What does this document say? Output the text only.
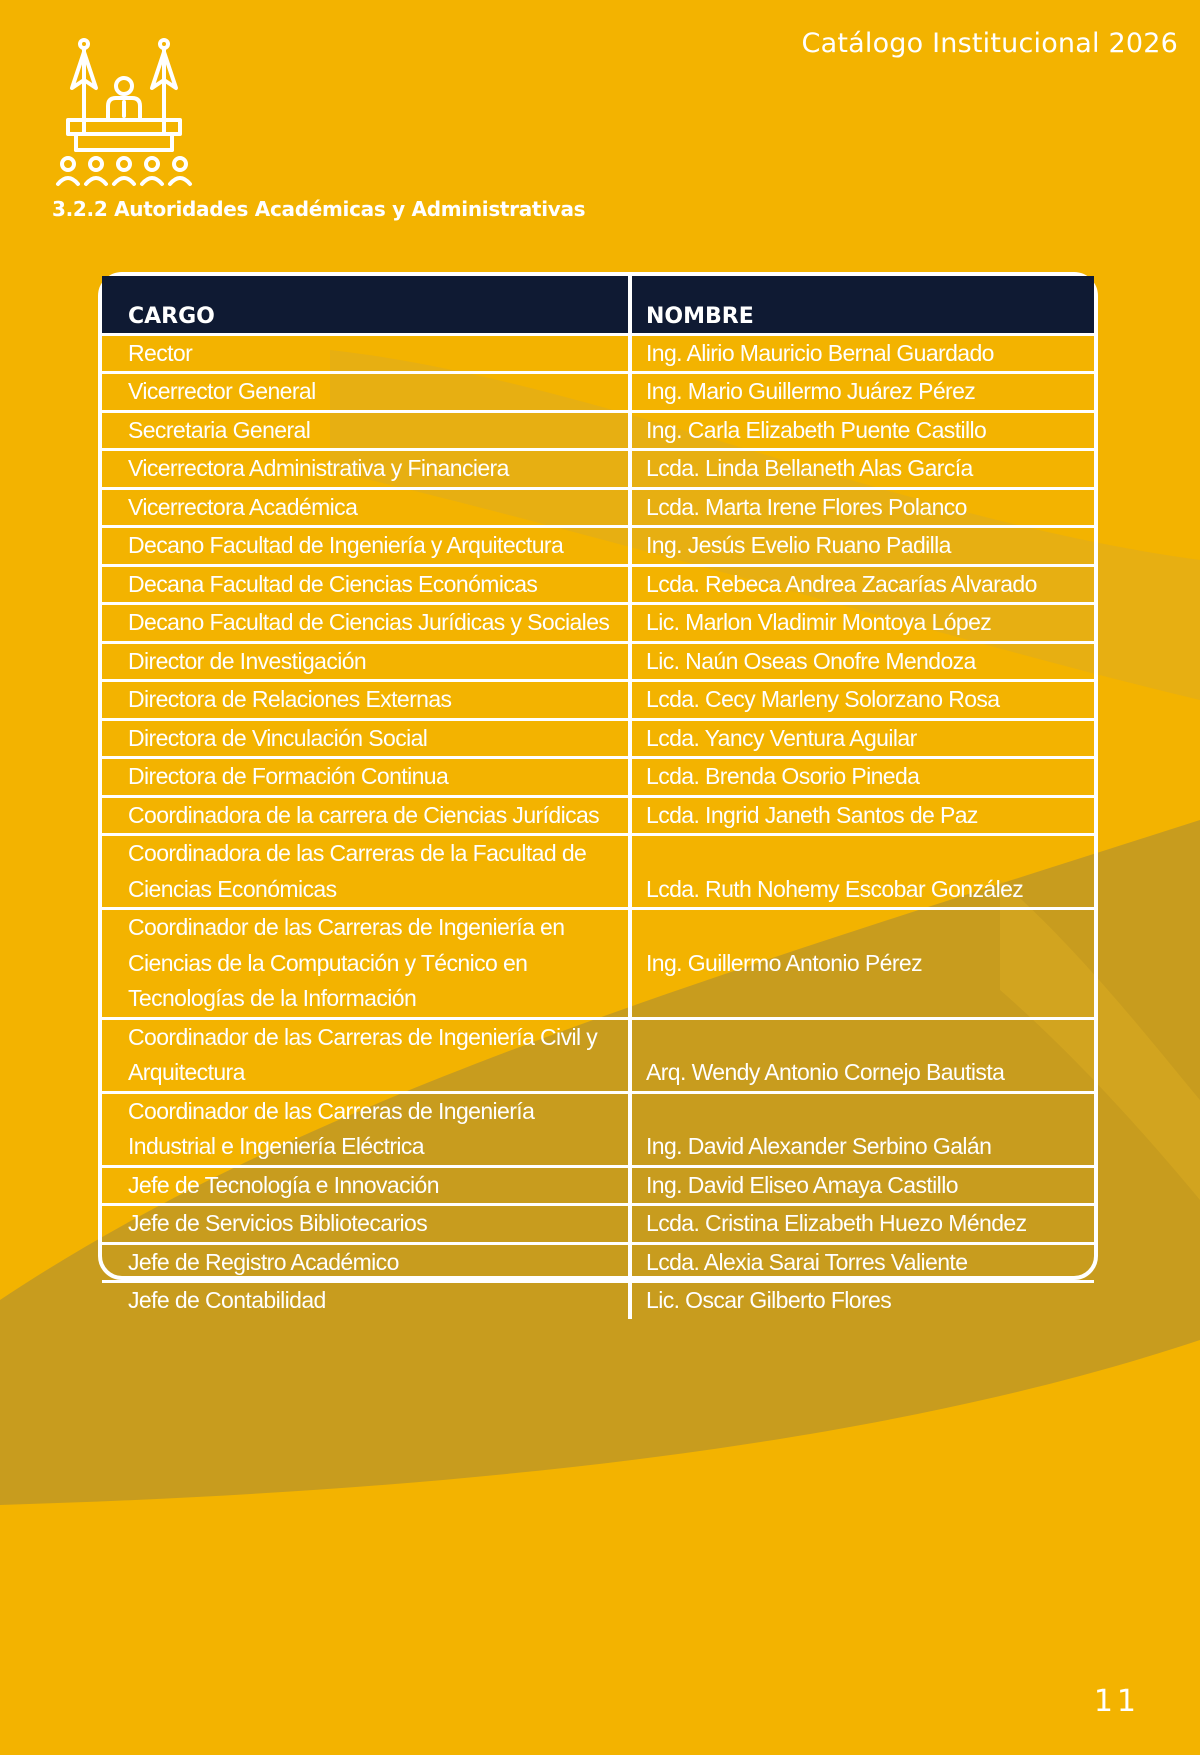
Catálogo Institucional 2026
3.2.2 Autoridades Académicas y Administrativas
CARGO	NOMBRE

Rector	Ing. Alirio Mauricio Bernal Guardado

Vicerrector General	Ing. Mario Guillermo Juárez Pérez

Secretaria General	Ing. Carla Elizabeth Puente Castillo

Vicerrectora Administrativa y Financiera	Lcda. Linda Bellaneth Alas García

Vicerrectora Académica	Lcda. Marta Irene Flores Polanco

Decano Facultad de Ingeniería y Arquitectura	Ing. Jesús Evelio Ruano Padilla

Decana Facultad de Ciencias Económicas	Lcda. Rebeca Andrea Zacarías Alvarado

Decano Facultad de Ciencias Jurídicas y Sociales	Lic. Marlon Vladimir Montoya López

Director de Investigación	Lic. Naún Oseas Onofre Mendoza

Directora de Relaciones Externas	Lcda. Cecy Marleny Solorzano Rosa

Directora de Vinculación Social	Lcda. Yancy Ventura Aguilar

Directora de Formación Continua	Lcda. Brenda Osorio Pineda

Coordinadora de la carrera de Ciencias Jurídicas	Lcda. Ingrid Janeth Santos de Paz

Coordinadora de las Carreras de la Facultad de
Ciencias Económicas	Lcda. Ruth Nohemy Escobar González

Coordinador de las Carreras de Ingeniería en
Ciencias de la Computación y Técnico en
Tecnologías de la Información	Ing. Guillermo Antonio Pérez

Coordinador de las Carreras de Ingeniería Civil y
Arquitectura	Arq. Wendy Antonio Cornejo Bautista

Coordinador de las Carreras de Ingeniería
Industrial e Ingeniería Eléctrica	Ing. David Alexander Serbino Galán

Jefe de Tecnología e Innovación	Ing. David Eliseo Amaya Castillo

Jefe de Servicios Bibliotecarios	Lcda. Cristina Elizabeth Huezo Méndez

Jefe de Registro Académico	Lcda. Alexia Sarai Torres Valiente

Jefe de Contabilidad	Lic. Oscar Gilberto Flores
11
